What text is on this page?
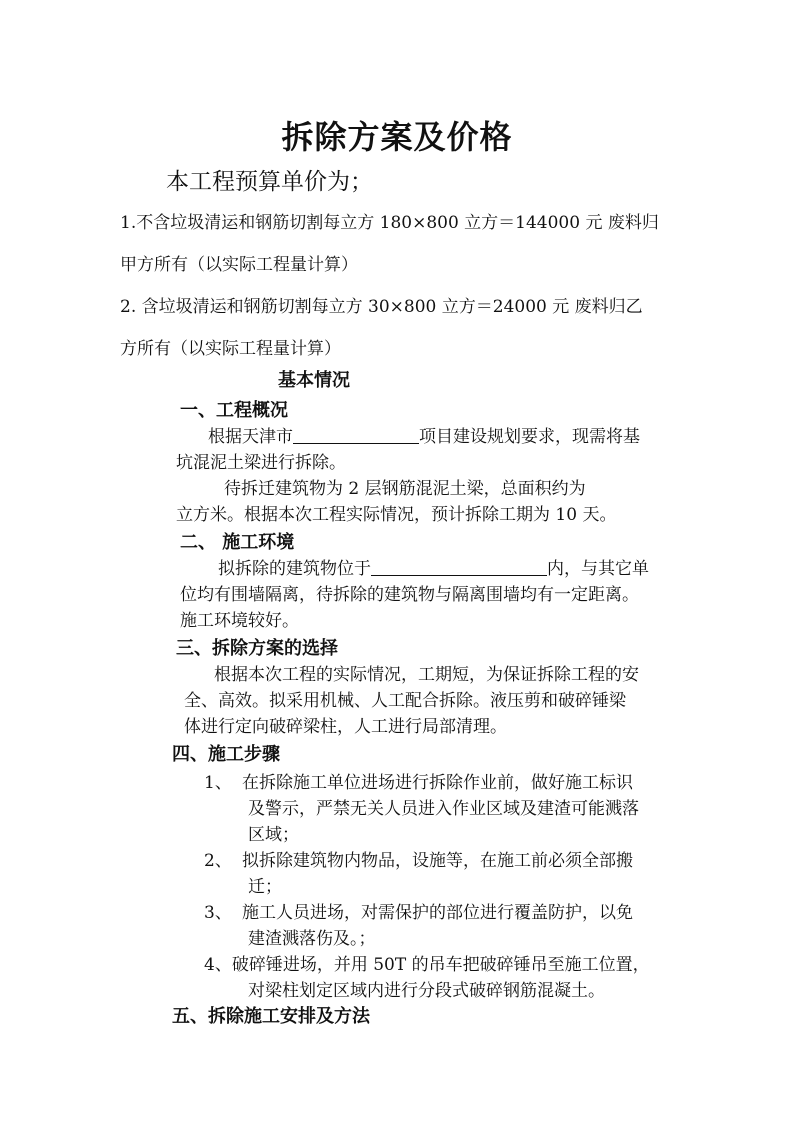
拆除方案及价格
本工程预算单价为；
1.不含垃圾清运和钢筋切割每立方 180×800 立方＝144000 元 废料归
甲方所有（以实际工程量计算）
2. 含垃圾清运和钢筋切割每立方 30×800 立方＝24000 元 废料归乙
方所有（以实际工程量计算）
基本情况
一、工程概况
根据天津市	项目建设规划要求，现需将基
坑混泥土梁进行拆除。
待拆迁建筑物为 2 层钢筋混泥土梁，总面积约为
立方米。根据本次工程实际情况，预计拆除工期为 10 天。
二、 施工环境
拟拆除的建筑物位于	内，与其它单
位均有围墙隔离，待拆除的建筑物与隔离围墙均有一定距离。
施工环境较好。
三、拆除方案的选择
根据本次工程的实际情况，工期短，为保证拆除工程的安
全、高效。拟采用机械、人工配合拆除。液压剪和破碎锤梁
体进行定向破碎梁柱，人工进行局部清理。
四、施工步骤
1、 在拆除施工单位进场进行拆除作业前，做好施工标识
及警示，严禁无关人员进入作业区域及建渣可能溅落
区域；
2、 拟拆除建筑物内物品，设施等，在施工前必须全部搬
迁；
3、 施工人员进场，对需保护的部位进行覆盖防护，以免
建渣溅落伤及。；
4、破碎锤进场，并用 50T 的吊车把破碎锤吊至施工位置，
对梁柱划定区域内进行分段式破碎钢筋混凝土。
五、拆除施工安排及方法
